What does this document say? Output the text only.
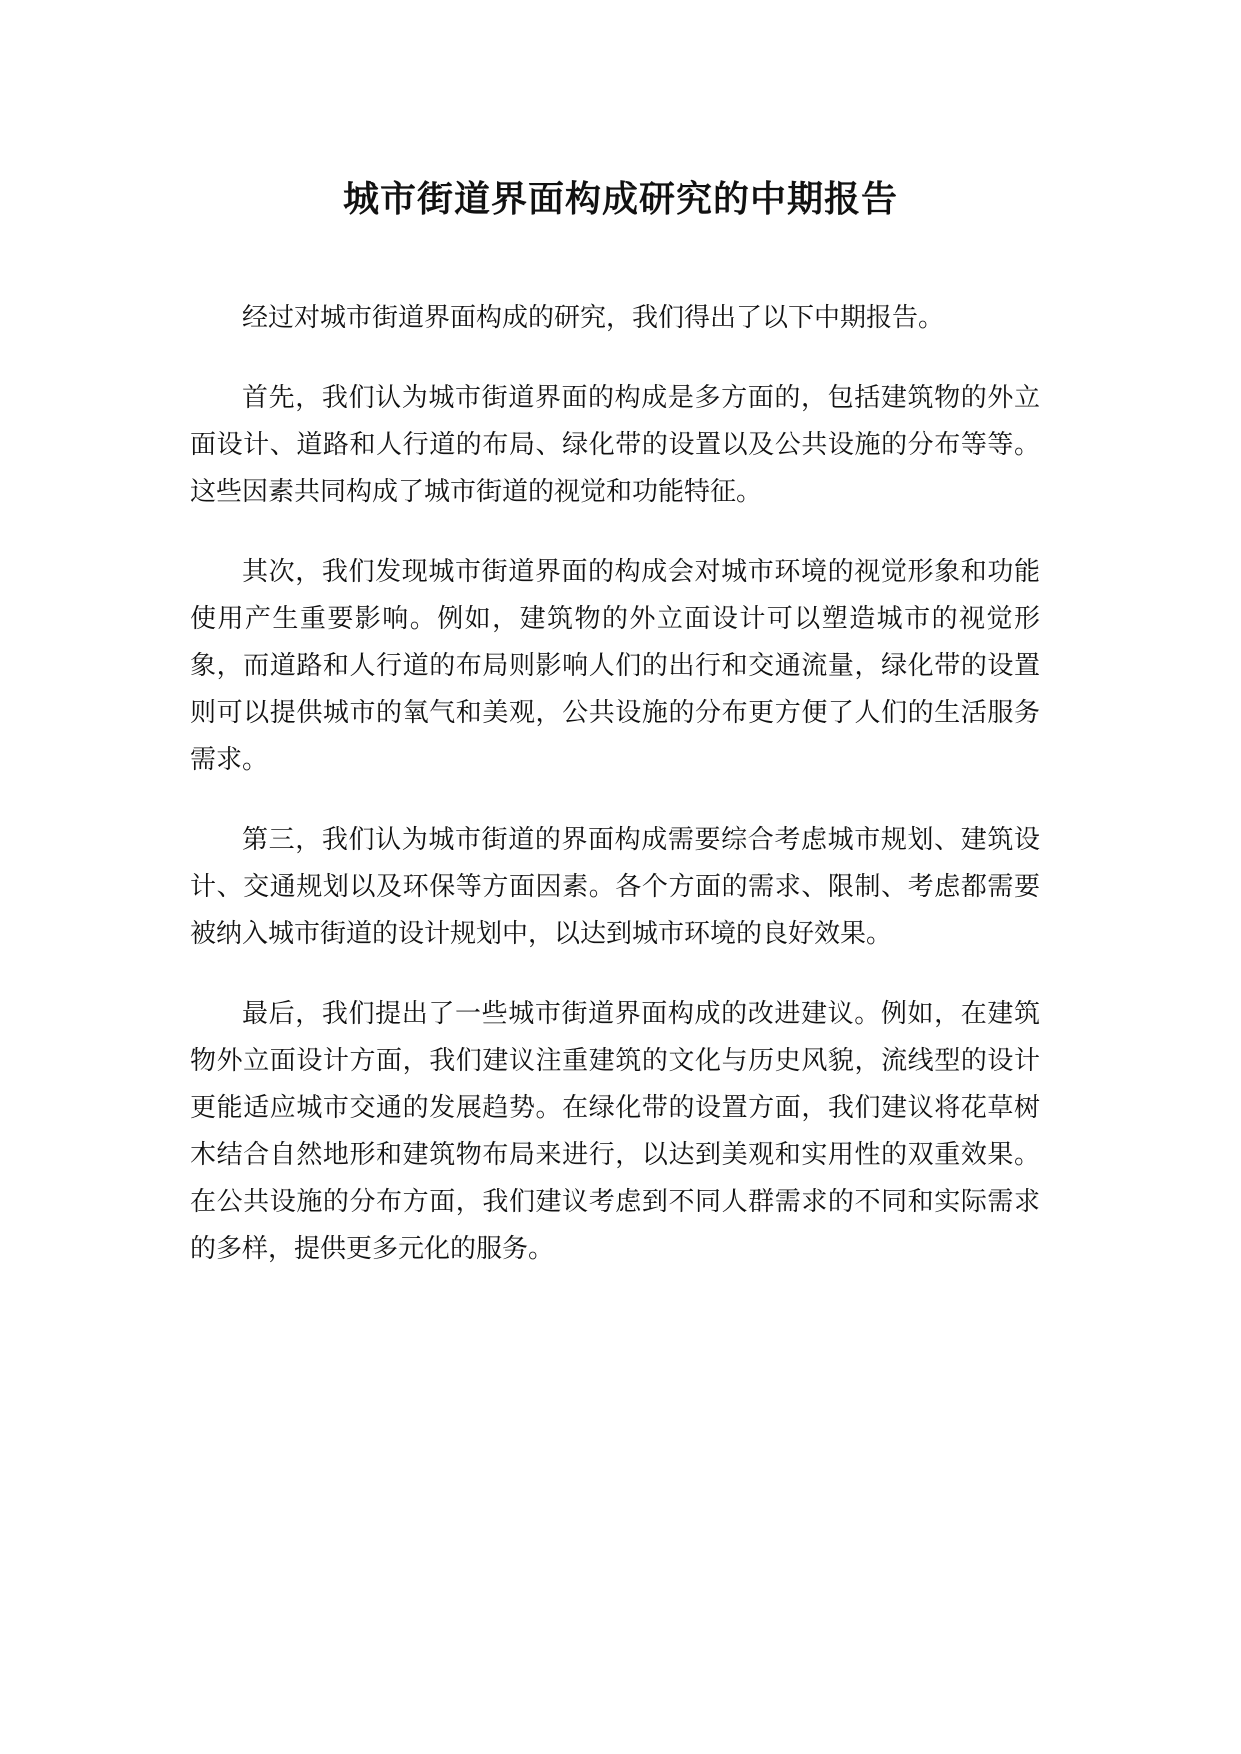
城市街道界面构成研究的中期报告

经过对城市街道界面构成的研究，我们得出了以下中期报告。

首先，我们认为城市街道界面的构成是多方面的，包括建筑物的外立面设计、道路和人行道的布局、绿化带的设置以及公共设施的分布等等。这些因素共同构成了城市街道的视觉和功能特征。

其次，我们发现城市街道界面的构成会对城市环境的视觉形象和功能使用产生重要影响。例如，建筑物的外立面设计可以塑造城市的视觉形象，而道路和人行道的布局则影响人们的出行和交通流量，绿化带的设置则可以提供城市的氧气和美观，公共设施的分布更方便了人们的生活服务需求。

第三，我们认为城市街道的界面构成需要综合考虑城市规划、建筑设计、交通规划以及环保等方面因素。各个方面的需求、限制、考虑都需要被纳入城市街道的设计规划中，以达到城市环境的良好效果。

最后，我们提出了一些城市街道界面构成的改进建议。例如，在建筑物外立面设计方面，我们建议注重建筑的文化与历史风貌，流线型的设计更能适应城市交通的发展趋势。在绿化带的设置方面，我们建议将花草树木结合自然地形和建筑物布局来进行，以达到美观和实用性的双重效果。在公共设施的分布方面，我们建议考虑到不同人群需求的不同和实际需求的多样，提供更多元化的服务。
